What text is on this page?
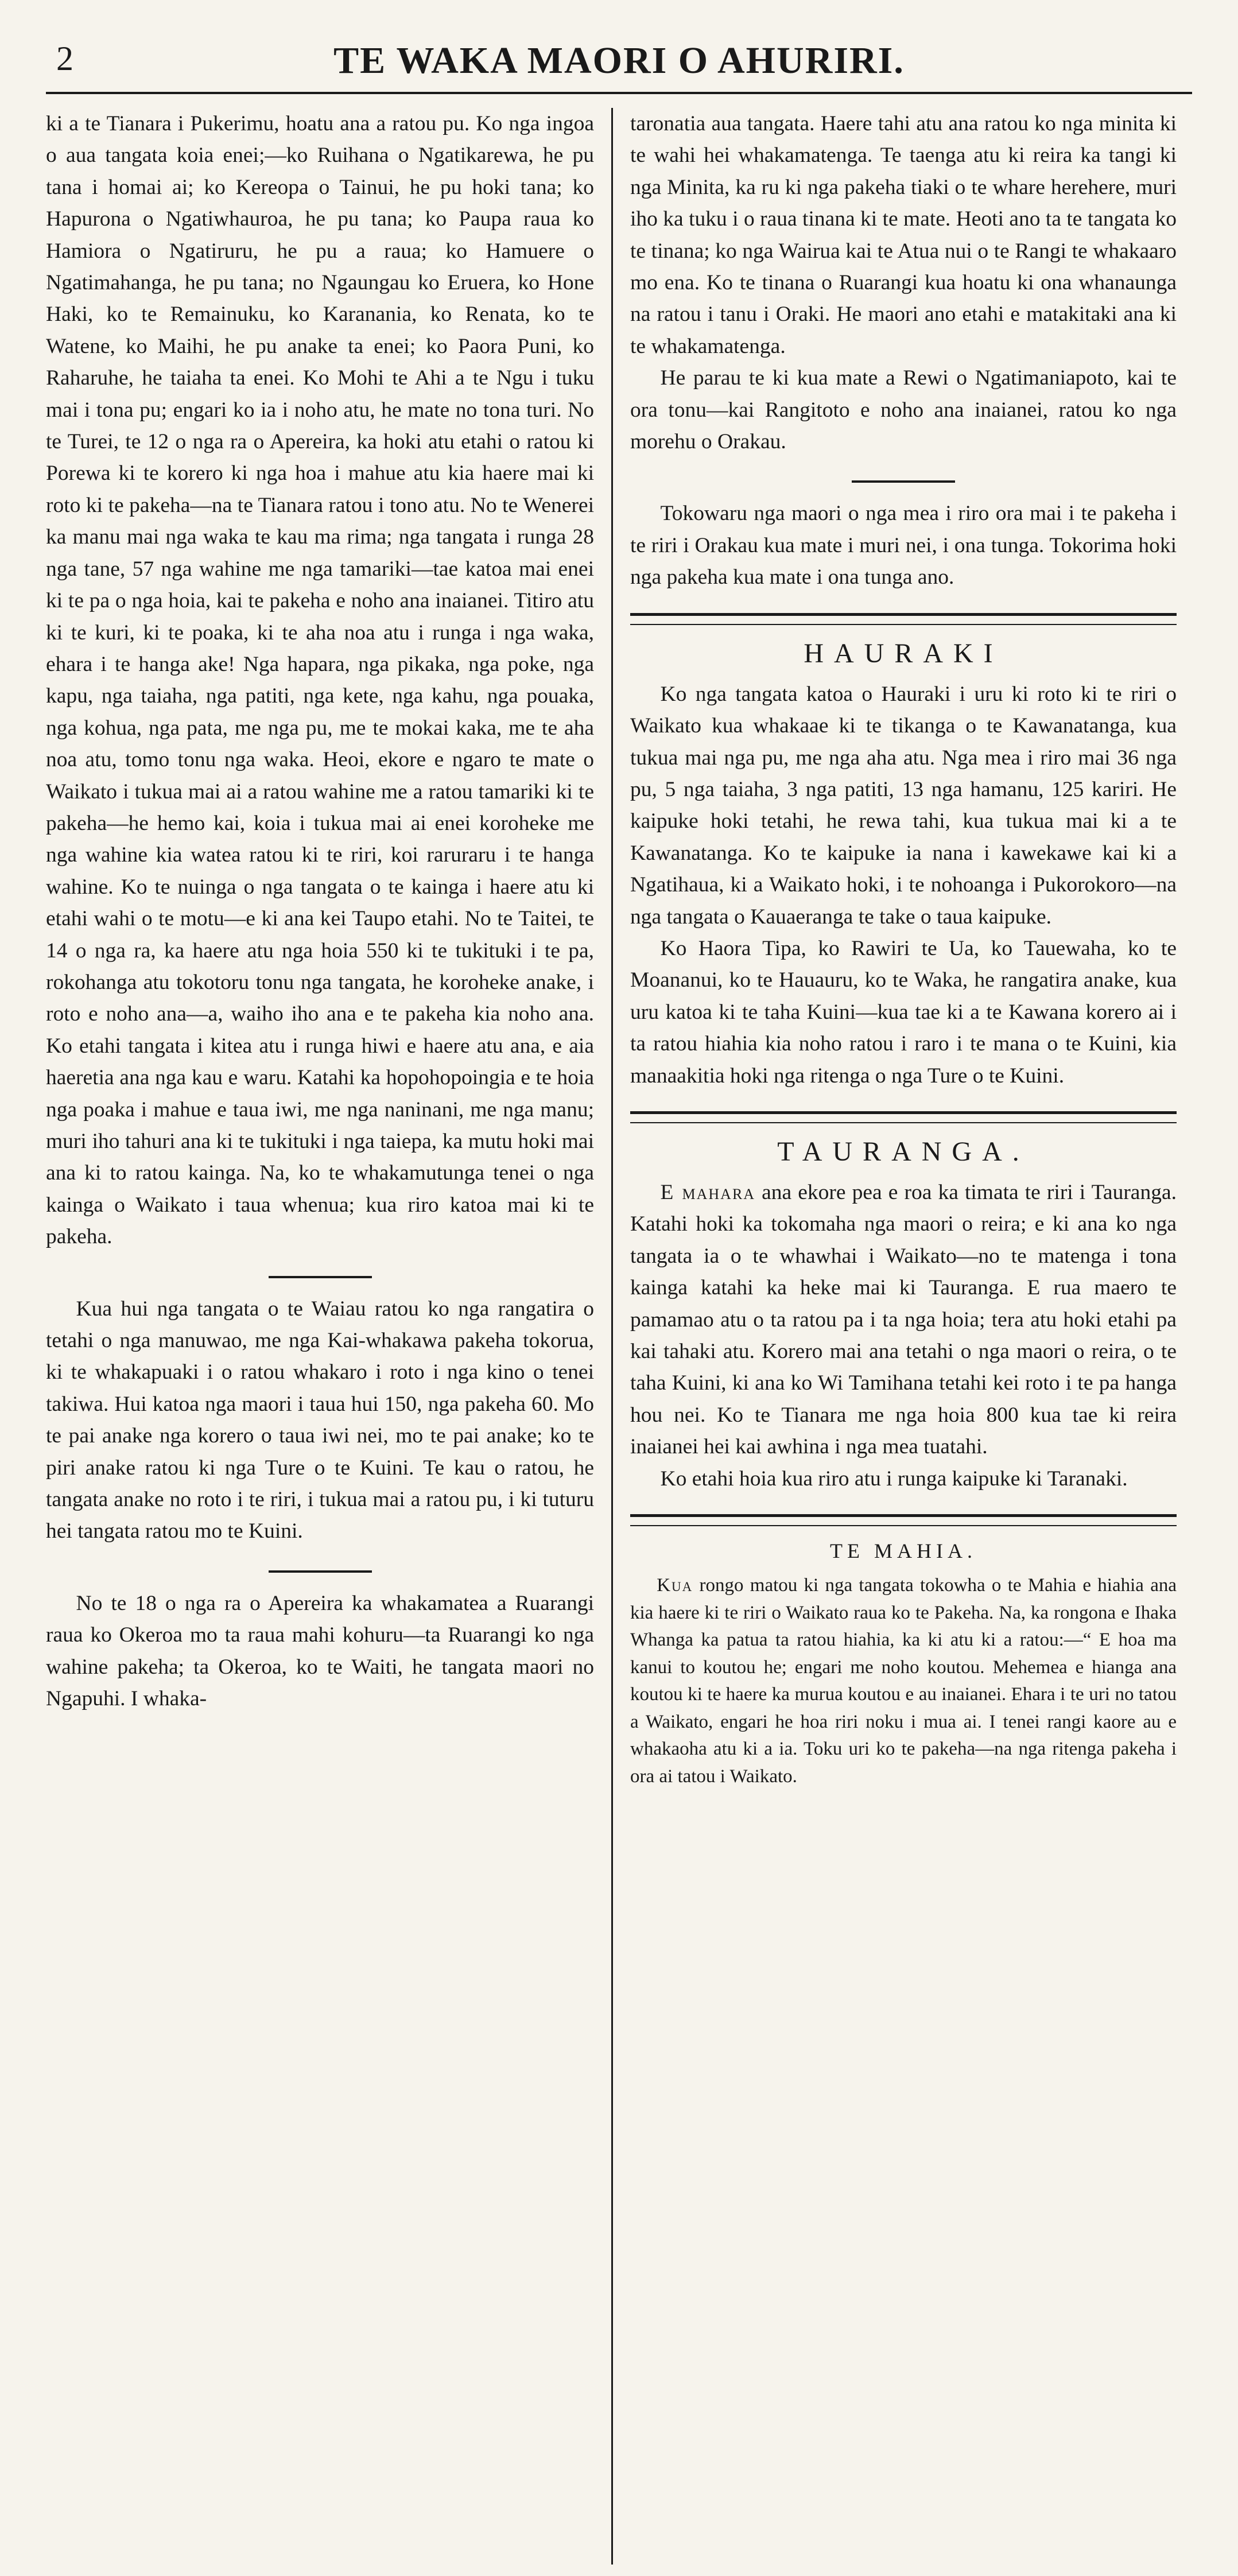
2	TE WAKA MAORI O AHURIRI.

ki a te Tianara i Pukerimu, hoatu ana a ratou pu. Ko nga ingoa o aua tangata koia enei;—ko Ruihana o Ngatikarewa, he pu tana i homai ai; ko Kereopa o Tainui, he pu hoki tana; ko Hapurona o Ngatiwhauroa, he pu tana; ko Paupa raua ko Hamiora o Ngatiruru, he pu a raua; ko Hamuere o Ngatimahanga, he pu tana; no Ngaungau ko Eruera, ko Hone Haki, ko te Remainuku, ko Karanania, ko Renata, ko te Watene, ko Maihi, he pu anake ta enei; ko Paora Puni, ko Raharuhe, he taiaha ta enei. Ko Mohi te Ahi a te Ngu i tuku mai i tona pu; engari ko ia i noho atu, he mate no tona turi. No te Turei, te 12 o nga ra o Apereira, ka hoki atu etahi o ratou ki Porewa ki te korero ki nga hoa i mahue atu kia haere mai ki roto ki te pakeha—na te Tianara ratou i tono atu. No te Wenerei ka manu mai nga waka te kau ma rima; nga tangata i runga 28 nga tane, 57 nga wahine me nga tamariki—tae katoa mai enei ki te pa o nga hoia, kai te pakeha e noho ana inaianei. Titiro atu ki te kuri, ki te poaka, ki te aha noa atu i runga i nga waka, ehara i te hanga ake! Nga hapara, nga pikaka, nga poke, nga kapu, nga taiaha, nga patiti, nga kete, nga kahu, nga pouaka, nga kohua, nga pata, me nga pu, me te mokai kaka, me te aha noa atu, tomo tonu nga waka. Heoi, ekore e ngaro te mate o Waikato i tukua mai ai a ratou wahine me a ratou tamariki ki te pakeha—he hemo kai, koia i tukua mai ai enei koroheke me nga wahine kia watea ratou ki te riri, koi raruraru i te hanga wahine. Ko te nuinga o nga tangata o te kainga i haere atu ki etahi wahi o te motu—e ki ana kei Taupo etahi. No te Taitei, te 14 o nga ra, ka haere atu nga hoia 550 ki te tukituki i te pa, rokohanga atu tokotoru tonu nga tangata, he koroheke anake, i roto e noho ana—a, waiho iho ana e te pakeha kia noho ana. Ko etahi tangata i kitea atu i runga hiwi e haere atu ana, e aia haeretia ana nga kau e waru. Katahi ka hopohopoingia e te hoia nga poaka i mahue e taua iwi, me nga naninani, me nga manu; muri iho tahuri ana ki te tukituki i nga taiepa, ka mutu hoki mai ana ki to ratou kainga. Na, ko te whakamutunga tenei o nga kainga o Waikato i taua whenua; kua riro katoa mai ki te pakeha.

Kua hui nga tangata o te Waiau ratou ko nga rangatira o tetahi o nga manuwao, me nga Kai-whakawa pakeha tokorua, ki te whakapuaki i o ratou whakaro i roto i nga kino o tenei takiwa. Hui katoa nga maori i taua hui 150, nga pakeha 60. Mo te pai anake nga korero o taua iwi nei, mo te pai anake; ko te piri anake ratou ki nga Ture o te Kuini. Te kau o ratou, he tangata anake no roto i te riri, i tukua mai a ratou pu, i ki tuturu hei tangata ratou mo te Kuini.

No te 18 o nga ra o Apereira ka whakamatea a Ruarangi raua ko Okeroa mo ta raua mahi kohuru—ta Ruarangi ko nga wahine pakeha; ta Okeroa, ko te Waiti, he tangata maori no Ngapuhi. I whaka-

taronatia aua tangata. Haere tahi atu ana ratou ko nga minita ki te wahi hei whakamatenga. Te taenga atu ki reira ka tangi ki nga Minita, ka ru ki nga pakeha tiaki o te whare herehere, muri iho ka tuku i o raua tinana ki te mate. Heoti ano ta te tangata ko te tinana; ko nga Wairua kai te Atua nui o te Rangi te whakaaro mo ena. Ko te tinana o Ruarangi kua hoatu ki ona whanaunga na ratou i tanu i Oraki. He maori ano etahi e matakitaki ana ki te whakamatenga.

He parau te ki kua mate a Rewi o Ngatimaniapoto, kai te ora tonu—kai Rangitoto e noho ana inaianei, ratou ko nga morehu o Orakau.

Tokowaru nga maori o nga mea i riro ora mai i te pakeha i te riri i Orakau kua mate i muri nei, i ona tunga. Tokorima hoki nga pakeha kua mate i ona tunga ano.

HAURAKI

Ko nga tangata katoa o Hauraki i uru ki roto ki te riri o Waikato kua whakaae ki te tikanga o te Kawanatanga, kua tukua mai nga pu, me nga aha atu. Nga mea i riro mai 36 nga pu, 5 nga taiaha, 3 nga patiti, 13 nga hamanu, 125 kariri. He kaipuke hoki tetahi, he rewa tahi, kua tukua mai ki a te Kawanatanga. Ko te kaipuke ia nana i kawekawe kai ki a Ngatihaua, ki a Waikato hoki, i te nohoanga i Pukorokoro—na nga tangata o Kauaeranga te take o taua kaipuke.

Ko Haora Tipa, ko Rawiri te Ua, ko Tauewaha, ko te Moananui, ko te Hauauru, ko te Waka, he rangatira anake, kua uru katoa ki te taha Kuini—kua tae ki a te Kawana korero ai i ta ratou hiahia kia noho ratou i raro i te mana o te Kuini, kia manaakitia hoki nga ritenga o nga Ture o te Kuini.

TAURANGA.

E mahara ana ekore pea e roa ka timata te riri i Tauranga. Katahi hoki ka tokomaha nga maori o reira; e ki ana ko nga tangata ia o te whawhai i Waikato—no te matenga i tona kainga katahi ka heke mai ki Tauranga. E rua maero te pamamao atu o ta ratou pa i ta nga hoia; tera atu hoki etahi pa kai tahaki atu. Korero mai ana tetahi o nga maori o reira, o te taha Kuini, ki ana ko Wi Tamihana tetahi kei roto i te pa hanga hou nei. Ko te Tianara me nga hoia 800 kua tae ki reira inaianei hei kai awhina i nga mea tuatahi.

Ko etahi hoia kua riro atu i runga kaipuke ki Taranaki.

TE MAHIA.

Kua rongo matou ki nga tangata tokowha o te Mahia e hiahia ana kia haere ki te riri o Waikato raua ko te Pakeha. Na, ka rongona e Ihaka Whanga ka patua ta ratou hiahia, ka ki atu ki a ratou:—“ E hoa ma kanui to koutou he; engari me noho koutou. Mehemea e hianga ana koutou ki te haere ka murua koutou e au inaianei. Ehara i te uri no tatou a Waikato, engari he hoa riri noku i mua ai. I tenei rangi kaore au e whakaoha atu ki a ia. Toku uri ko te pakeha—na nga ritenga pakeha i ora ai tatou i Waikato.
